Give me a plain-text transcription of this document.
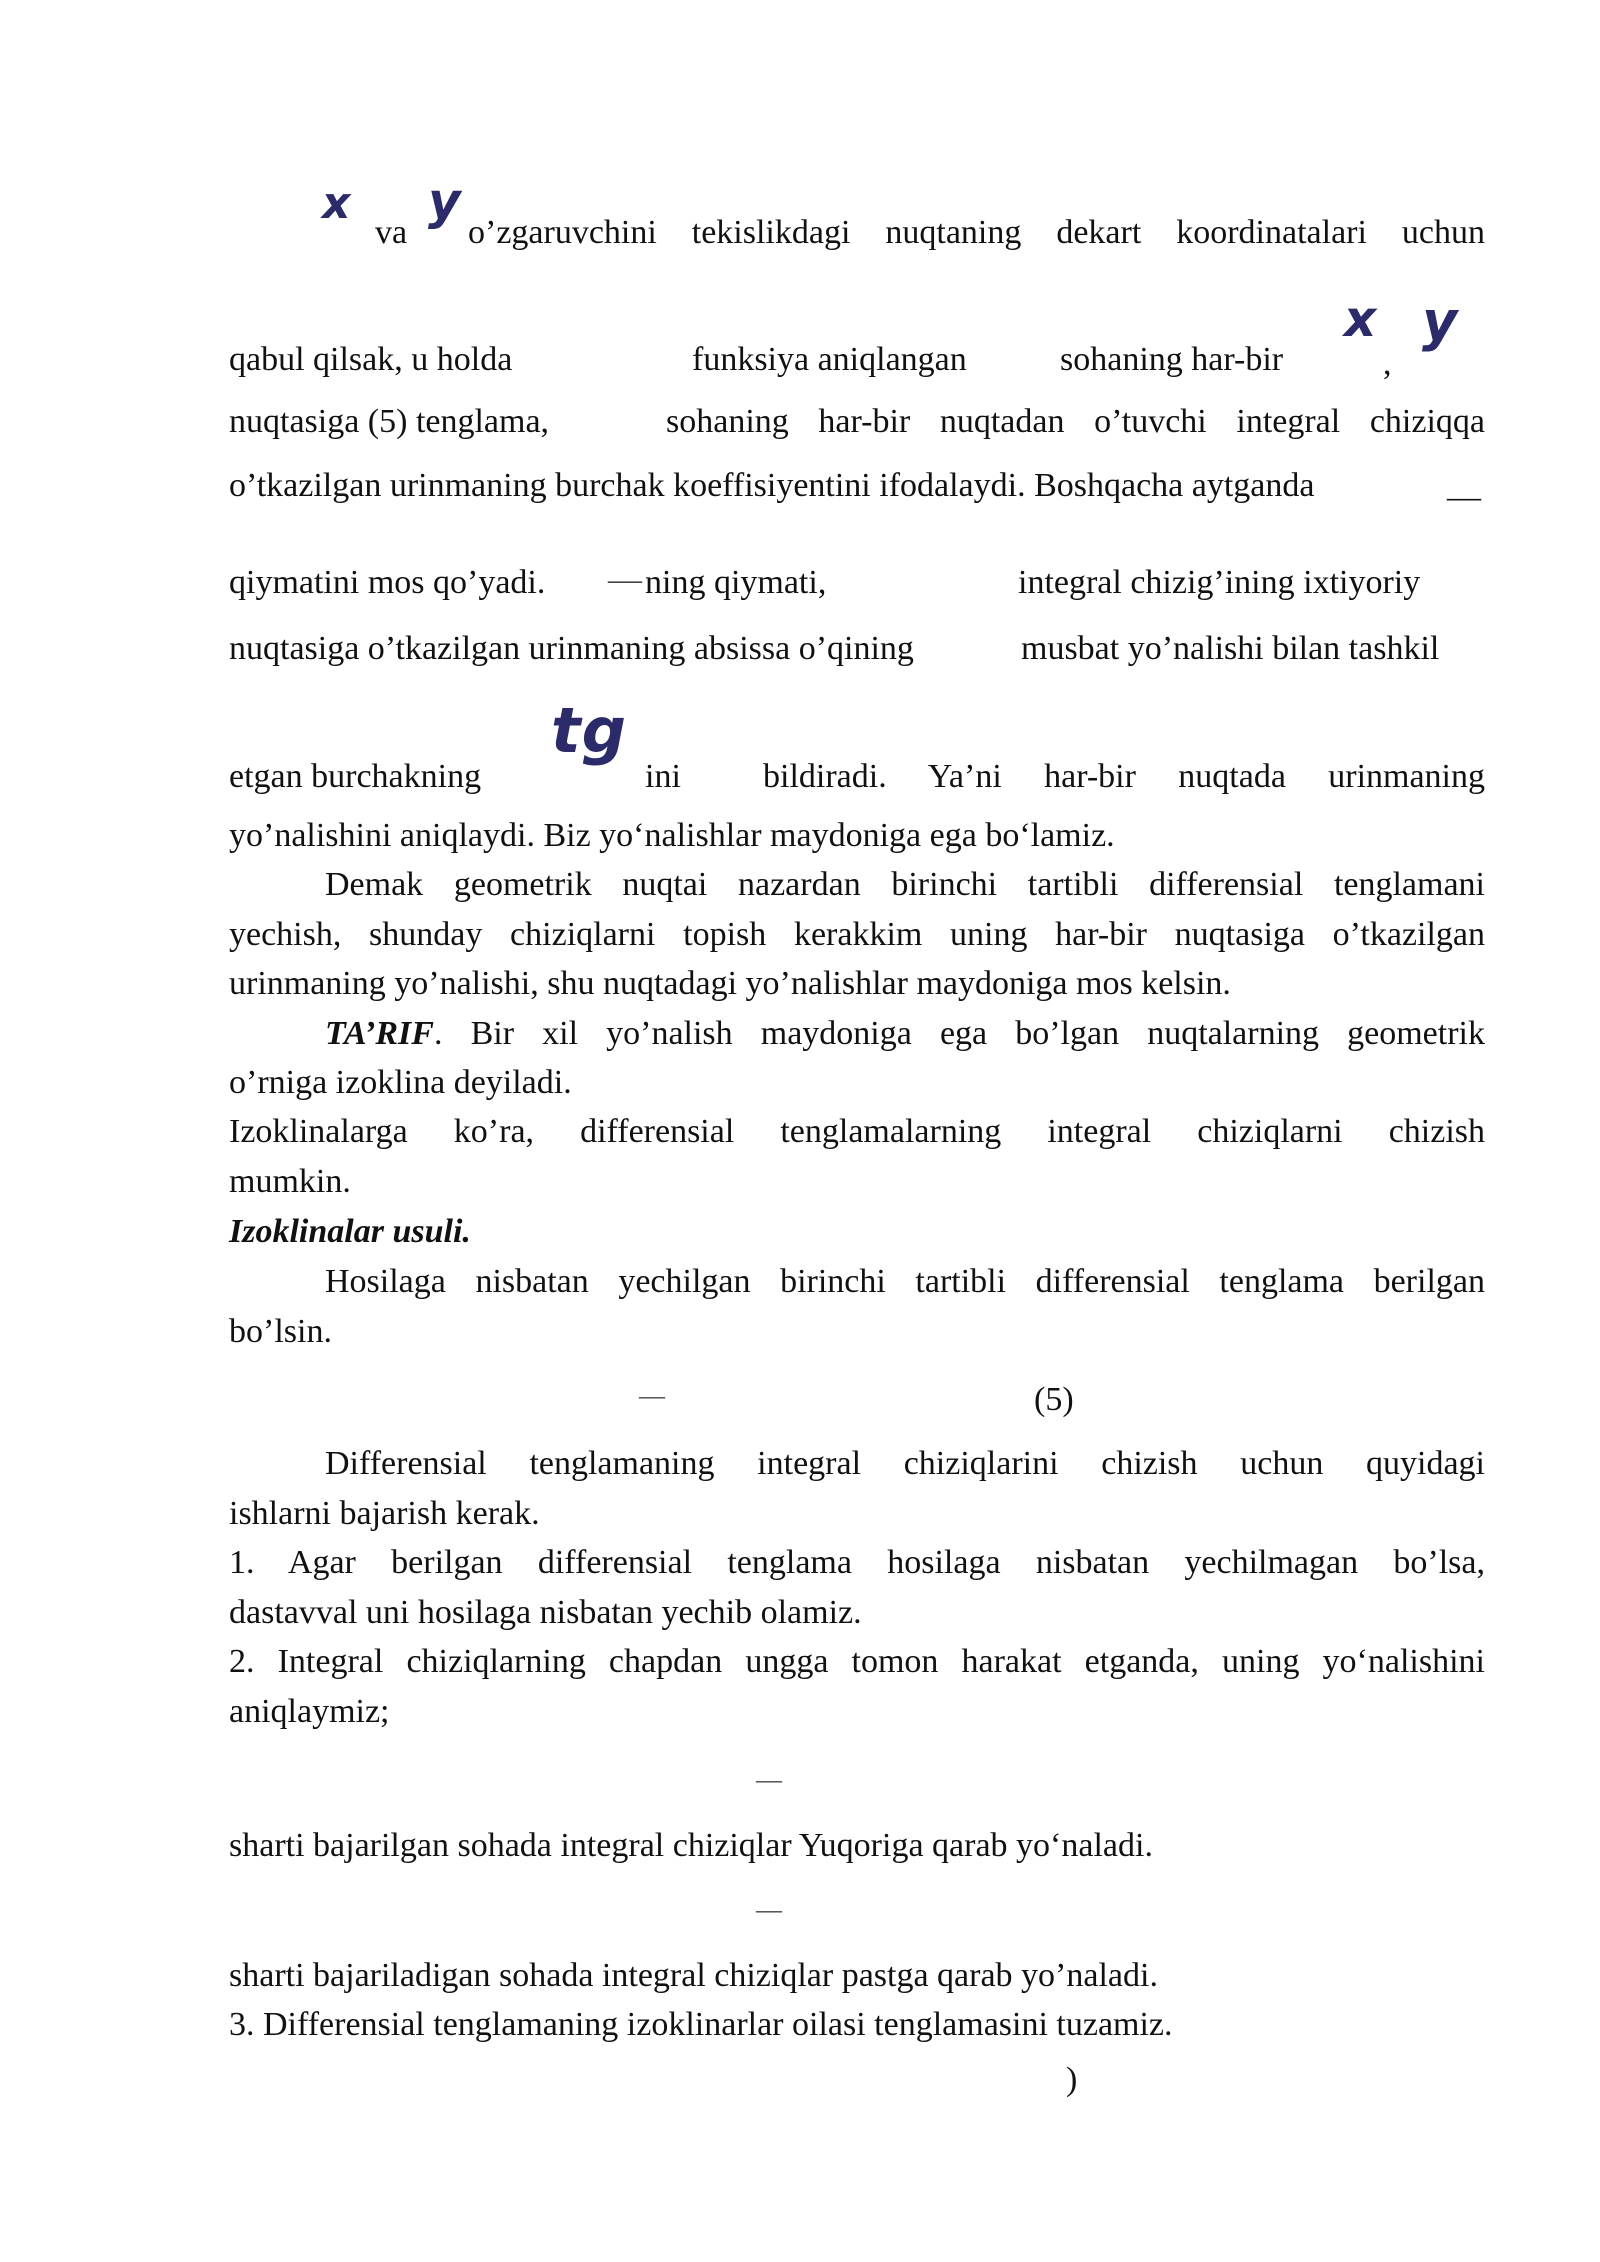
x
va
y
o’zgaruvchini tekislikdagi nuqtaning dekart koordinatalari uchun
qabul qilsak, u holda	funksiya aniqlangan	sohaning har-bir
x
,
y
nuqtasiga (5) tenglama,	sohaning har-bir nuqtadan o’tuvchi integral chiziqqa
o’tkazilgan urinmaning burchak koeffisiyentini ifodalaydi. Boshqacha aytganda	__
qiymatini mos qo’yadi. — ning qiymati,	integral chizig’ining ixtiyoriy
nuqtasiga o’tkazilgan urinmaning absissa o’qining	musbat yo’nalishi bilan tashkil
etgan burchakning
tg
ini bildiradi. Ya’ni har-bir nuqtada urinmaning
yo’nalishini aniqlaydi. Biz yo‘nalishlar maydoniga ega bo‘lamiz.
Demak geometrik nuqtai nazardan birinchi tartibli differensial tenglamani
yechish, shunday chiziqlarni topish kerakkim uning har-bir nuqtasiga o’tkazilgan
urinmaning yo’nalishi, shu nuqtadagi yo’nalishlar maydoniga mos kelsin.
TA’RIF. Bir xil yo’nalish maydoniga ega bo’lgan nuqtalarning geometrik
o’rniga izoklina deyiladi.
Izoklinalarga ko’ra, differensial tenglamalarning integral chiziqlarni chizish
mumkin.
Izoklinalar usuli.
Hosilaga nisbatan yechilgan birinchi tartibli differensial tenglama berilgan
bo’lsin.
—	(5)
Differensial tenglamaning integral chiziqlarini chizish uchun quyidagi
ishlarni bajarish kerak.
1. Agar berilgan differensial tenglama hosilaga nisbatan yechilmagan bo’lsa,
dastavval uni hosilaga nisbatan yechib olamiz.
2. Integral chiziqlarning chapdan ungga tomon harakat etganda, uning yo‘nalishini
aniqlaymiz;
—
sharti bajarilgan sohada integral chiziqlar Yuqoriga qarab yo‘naladi.
—
sharti bajariladigan sohada integral chiziqlar pastga qarab yo’naladi.
3. Differensial tenglamaning izoklinarlar oilasi tenglamasini tuzamiz.
)
